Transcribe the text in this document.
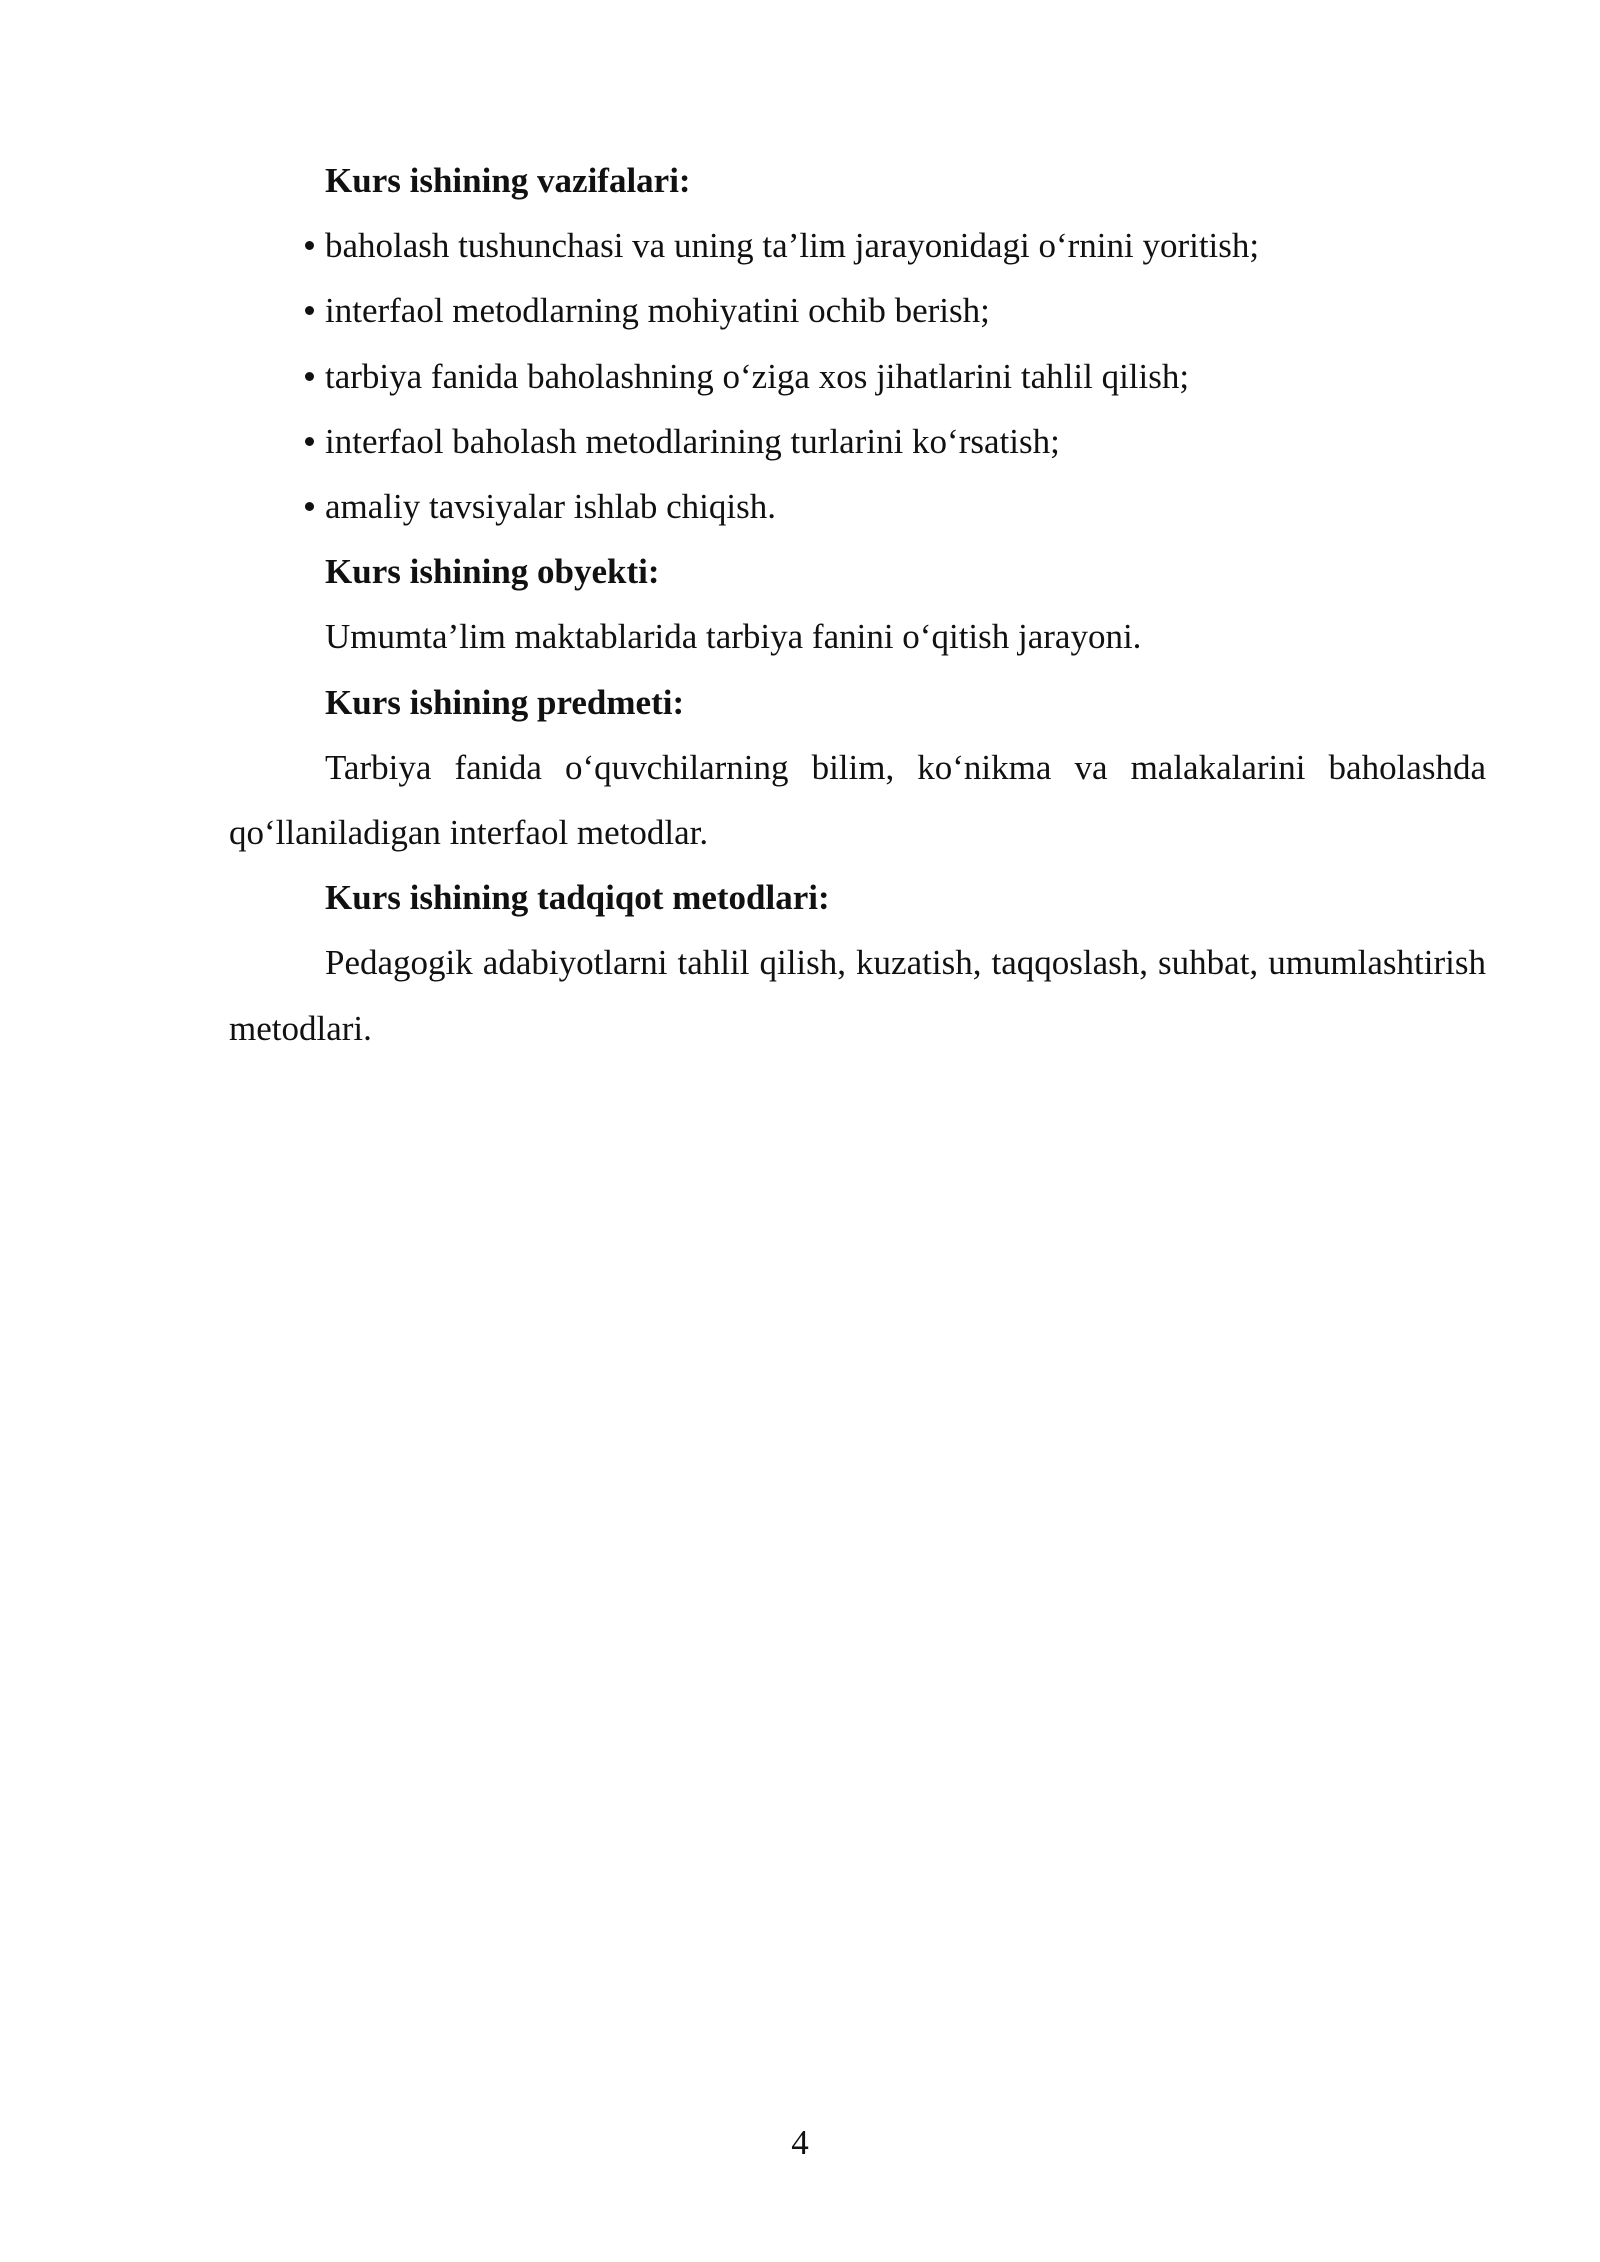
Kurs ishining vazifalari:

baholash tushunchasi va uning ta’lim jarayonidagi o‘rnini yoritish;
interfaol metodlarning mohiyatini ochib berish;
tarbiya fanida baholashning o‘ziga xos jihatlarini tahlil qilish;
interfaol baholash metodlarining turlarini ko‘rsatish;
amaliy tavsiyalar ishlab chiqish.

Kurs ishining obyekti:

Umumta’lim maktablarida tarbiya fanini o‘qitish jarayoni.

Kurs ishining predmeti:

Tarbiya fanida o‘quvchilarning bilim, ko‘nikma va malakalarini baholashda qo‘llaniladigan interfaol metodlar.

Kurs ishining tadqiqot metodlari:

Pedagogik adabiyotlarni tahlil qilish, kuzatish, taqqoslash, suhbat, umumlashtirish metodlari.

4
